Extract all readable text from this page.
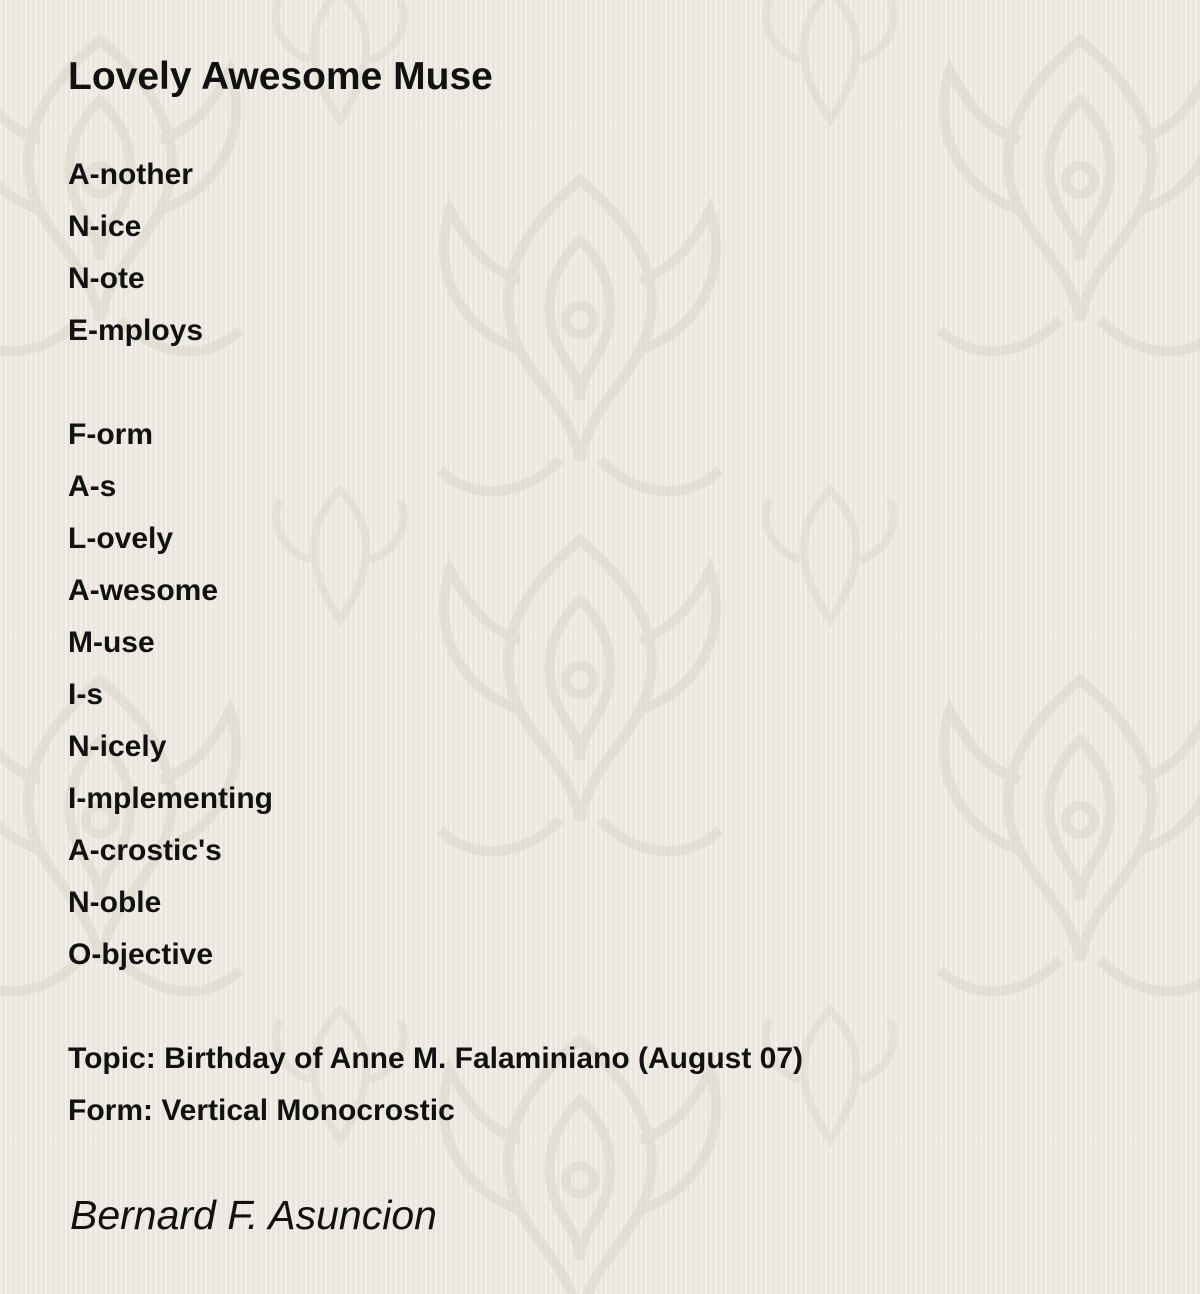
Lovely Awesome Muse
A-nother
N-ice
N-ote
E-mploys
F-orm
A-s
L-ovely
A-wesome
M-use
I-s
N-icely
I-mplementing
A-crostic's
N-oble
O-bjective
Topic: Birthday of Anne M. Falaminiano (August 07)
Form: Vertical Monocrostic
Bernard F. Asuncion
